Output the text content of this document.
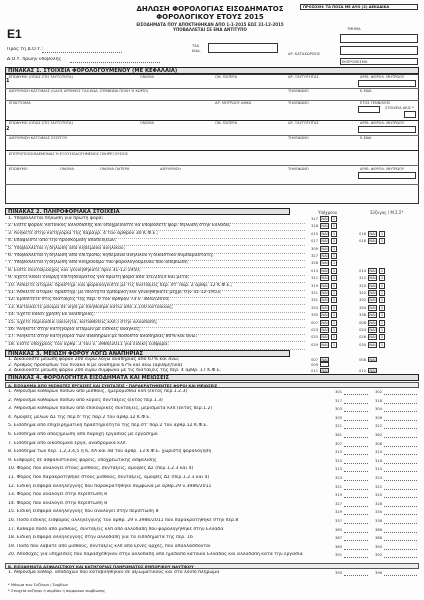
E1
ΔΗΛΩΣΗ ΦΟΡΟΛΟΓΙΑΣ ΕΙΣΟΔΗΜΑΤΟΣ
ΦΟΡΟΛΟΓΙΚΟΥ ΕΤΟΥΣ 2015
ΕΙΣΟΔΗΜΑΤΑ ΠΟΥ ΑΠΟΚΤΗΘΗΚΑΝ ΑΠΟ 1-1-2015 ΕΩΣ 31-12-2015
ΥΠΟΒΑΛΛΕΤΑΙ ΣΕ ΕΝΑ ΑΝΤΙΤΥΠΟ
ΠΡΟΣΟΧΗ: ΤΑ ΠΟΣΑ ΜΕ ΔΥΟ (2) ΔΕΚΑΔΙΚΑ
ΤΜΗΜΑ
ΑΡ. ΚΑΤΑΧΩΡΙΣΗΣ
ΕΚΠΡΟΘΕΣΜΗ
ΤΑΧ
ΚΩΔ.
Προς τη Δ.Ο.Υ.:
Δ.Ο.Υ. πρώην υποβολής
ΠΙΝΑΚΑΣ 1. ΣΤΟΙΧΕΙΑ ΦΟΡΟΛΟΓΟΥΜΕΝΟΥ (ΜΕ ΚΕΦΑΛΑΙΑ)
ΕΠΩΝΥΜΟ (ΟΠΩΣ ΣΤΗ ΤΑΥΤΟΤΗΤΑ)	ΟΝΟΜΑ	ΟΝ. ΠΑΤΕΡΑ	ΑΡ. ΤΑΥΤΟΤΗΤΑΣ	ΑΡΙΘ. ΦΟΡΟΛ. ΜΗΤΡΩΟΥ
1
ΔΙΕΥΘΥΝΣΗ ΚΑΤΟΙΚΙΑΣ (ΟΔΟΣ ΑΡΙΘΜΟΣ ΤΑΧ.ΚΩΔ. ΣΥΜΦΩΝΑ ΠΟΛΗ Ή ΧΩΡΙΟ)	ΤΗΛΕΦΩΝΟ	E-MAIL
ΕΠΑΓΓΕΛΜΑ	ΑΡ. ΜΗΤΡΩΟΥ ΑΜΚΑ	ΤΗΛΕΦΩΝΟ	ΕΤΟΣ ΓΕΝΝΗΣΗΣ
ΣΤΟΙΧΕΙΑ ΑΚΙΣ *
2
ΕΠΩΝΥΜΟ (ΟΠΩΣ ΣΤΗ ΤΑΥΤΟΤΗΤΑ)	ΟΝΟΜΑ	ΟΝ. ΠΑΤΕΡΑ	ΑΡ. ΤΑΥΤΟΤΗΤΑΣ	ΑΡΙΘ. ΦΟΡΟΛ. ΜΗΤΡΩΟΥ
ΔΙΕΥΘΥΝΣΗ ΚΑΤΟΙΚΙΑΣ ΣΥΖΥΓΟΥ	ΤΗΛΕΦΩΝΟ	Ε-MAIL
ΕΠΙΤΡΟΠΟΣ/ΚΗΔΕΜΟΝΑΣ Ή ΕΞΟΥΣΙΟΔΟΤΗΜΕΝΟΣ ΠΛΗΡΕΞΟΥΣΙΟΣ
ΕΠΩΝΥΜΟ	ΟΝΟΜΑ	ΟΝΟΜΑ ΠΑΤΕΡΑ	ΔΙΕΥΘΥΝΣΗ	ΤΗΛΕΦΩΝΟ	ΑΡΙΘ. ΦΟΡΟΛ. ΜΗΤΡΩΟΥ
ΠΙΝΑΚΑΣ 2. ΠΛΗΡΟΦΟΡΙΑΚΑ ΣΤΟΙΧΕΙΑ	Υπόχρεου	Σύζυγος / Μ.Σ.Σ*
1. Υποβάλλεται δήλωση για πρώτη φορά;	317 ΝΑΙ	1
2. Είστε φορολ. κάτοικος αλλοδαπής και υποχρεούστε να υποβάλετε φορ. δήλωση στην Ελλάδα;	318 ΝΑΙ	1
3. Ανήκετε στην κατηγορία της παραγρ. 4 του άρθρου 30 Κ.Φ.Ε.;	015 ΝΑΙ	1	016 ΝΑΙ	1
4. Επαφιεστε από την προσκόμιση αποδείξεων;	017 ΝΑΙ	1	018 ΝΑΙ	1
5. Υποβάλλεται η δήλωση από κηδεμόνα ανηλίκου;	309 ΝΑΙ	1
6. Υποβάλλεται η δήλωση από επίτροπο, κηδεμόνα ανηλίκου ή δικαστικό συμπαραστάτη;	327 ΝΑΙ	1
7. Υποβάλλεται η δήλωση από κληρονόμο του φορολογούμενου που απεβίωσε;	328 ΝΑΙ	1
8. Είστε συνταξιούχος και γεννηθήκατε πριν 31-12-1950;	013 ΝΑΙ	1	014 ΝΑΙ	1
9. Έχετε κάνει έναρξη επιτηδεύματος για πρώτη φορά από 1/1/2013 και μετά;	311 ΝΑΙ	1	312 ΝΑΙ	1
10. Ασκείτε ατομικ. δραστηρ. και φορολογείστε με τις διατάξεις περ. στ' παρ. 2 άρθρ. 12 Κ.Φ.Ε.;	319 ΝΑΙ	1	320 ΝΑΙ	1
11. Ασκείτε ατομικ. δραστηρ. με ιδιότητα εμπορική και γεννηθήκατε μέχρι την 31-12-1953;	321 ΝΑΙ	1	322 ΝΑΙ	1
12. Εμπίπτετε στις διατάξεις της περ. δ του άρθρου 73 ν. 3842/2010;	331 ΝΑΙ	1	332 ΝΑΙ	1
13. Κατοικείτε μόνιμα σε νησί με πληθυσμό κάτω από 3.100 κατοίκους;	333 ΝΑΙ	1	334 ΝΑΙ	1
14. Έχετε κάνει χρήση ΕΕ αναπηρίας;	335 ΝΑΙ	1	336 ΝΑΙ	1
15. Έχετε περιουσία (ακίνητα, καταθέσεις κλπ.) στην αλλοδαπή;	007 ΝΑΙ	1	008 ΝΑΙ	1
16. Ανήκετε στην κατηγορία ατόμων με ειδικές ανάγκες;	023 ΝΑΙ	1	024 ΝΑΙ	1
17. Ανήκετε στην κατηγορία των αναπήρων με ποσοστό αναπηρίας 80% και άνω;	025 ΝΑΙ	1	026 ΝΑΙ	1
18. Είστε υπόχρεος του άρθρ. 3 του ν. 3986/2011 για ειδική εισφορά;	029 ΝΑΙ	1	030 ΝΑΙ	1
ΠΙΝΑΚΑΣ 3. ΜΕΙΩΣΗ ΦΟΡΟΥ ΛΟΓΩ ΑΝΑΠΗΡΙΑΣ
1. Δικαιούστε μείωση φόρου 200 ευρώ λόγω αναπηρίας από 67% και άνω;	007 ΝΑΙ	008 ΝΑΙ
2. Αριθμός προσώπων του πίνακα 8 με αναπηρία 67% και άνω (αριθμητικά)	009
3. Δικαιούστε μείωση φόρου 200 ευρώ σύμφωνα με τις διατάξεις της περ. 4 άρθρ. 17 Κ.Φ.Ε.	011 ΝΑΙ	012 ΝΑΙ
ΠΙΝΑΚΑΣ 4. ΦΟΡΟΛΟΓΗΤΕΑ ΕΙΣΟΔΗΜΑΤΑ ΚΑΙ ΜΕΙΩΣΕΙΣ
Α. ΕΙΣΟΔΗΜΑ ΑΠΟ ΜΙΣΘΩΤΕΣ ΕΡΓΑΣΙΕΣ ΚΑΙ ΣΥΝΤΑΞΕΙΣ - ΠΑΡΑΚΡΑΤΗΘΕΝΤΕΣ ΦΟΡΟΙ ΚΑΙ ΜΕΙΩΣΕΙΣ
1. Αθροισμα καθαρών ποσών από μισθούς, ημερομίσθια κλπ (εκτός περ.1.2.3)	301	302
2. Αθροισμα καθαρών ποσών από κύριες συντάξεις (εκτός περ.1.3)	317	318
3. Αθροισμα καθαρών ποσών από επικουρικές συντάξεις, μερίσματα κλπ (εκτός περ.1.2)	303	304
4. Αμοιβές μελών ΔΣ της περ.δ' της παρ.2 του άρθρ.12 Κ.Φ.Ε.	305	306
5. Εισόδημα από επιχειρηματική δραστηριότητα της περ.στ' παρ.2 του άρθρ.12 Κ.Φ.Ε.	321	322
6. Εισόδημα από αποζημίωση από παροχή εργασίας με εργόσημο	361	362
7. Εισόδημα από οικοδομικά έργα, αναδρομικά κλπ.	307	308
8. Εισόδημα των περ. 1,2,3,4,5 ή 6, 4Α και 4Β του άρθρ. 13 Κ.Φ.Ε. χωριστή φορολόγηση	313	314
9. Εισφορές σε ασφαλιστικούς φορείς, υποχρεωτικής ασφάλισης	315	316
10. Φόρος που αναλογεί στους μισθούς, συντάξεις, αμοιβές ΔΣ (περ.1.2.3 και 4)	313	314
11. Φόρος που παρακρατήθηκε στους μισθούς, συντάξεις, αμοιβές ΔΣ (περ.1.2.3 και 4)	323	324
12. Ειδική εισφορά αλληλεγγύης που παρακρατήθηκε σύμφωνα με άρθρ.29 ν.3986/2011	321	322
13. Φόρος που αναλογεί στην περίπτωση 8	319	320
14. Φόρος που αναλογεί στην περίπτωση 8	327	328
15. Ειδική εισφορά αλληλεγγύης που αναλογεί στην περίπτωση 8	329	330
16. Ποσό ειδικής εισφοράς αλληλεγγύης του άρθρ. 29 ν.3986/2011 που παρακρατήθηκε στην περ.8	337	338
17. Καθαρό ποσό από μισθούς, συντάξεις κλπ από αλλοδαπή που φορολογήθηκε στην Ελλάδα	385	386
18. Ειδική εισφορά αλληλεγγύης στην αλλοδαπή για τα εισοδήματα της περ. 16	387	388
19. Ποσό που λάβατε από μισθούς, συντάξεις κλπ από ξένες αρχές, που απαλλάσσονται	389	390
20. Αποδοχές για υπηρεσίες που παρασχέθηκαν στην αλλοδαπή από ημεδαπό κάτοικο Ελλάδας και αλλοδαπή κατά την εργασία	391	392
Β. ΕΙΣΟΔΗΜΑΤΑ ΑΣΦΑΛΙΣΤΙΚΟΥ ΚΑΙ ΚΑΤΗΓΟΡΙΑΣ ΠΛΗΡΩΜΑΤΟΣ ΕΜΠΟΡΙΚΟΥ ΝΑΥΤΙΚΟΥ
1. Αθροισμα καθαρ. αποδοχών που καταβλήθηκαν σε αξιωματικούς και στο λοιπό πλήρωμα	395	396
* Μόνιμα των Συζύγων / Συμβίων
* Στοιχεία συζύγου ή συμβίου ή συμφώνου συμβίωσης
